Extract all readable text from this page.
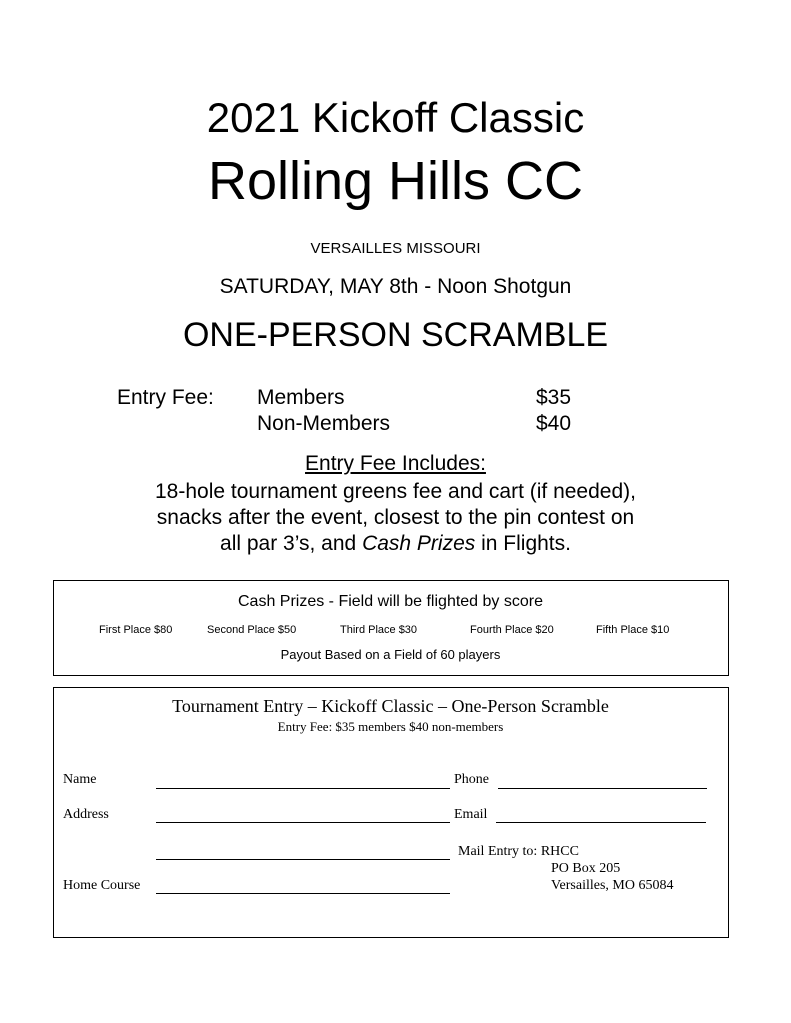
2021 Kickoff Classic
Rolling Hills CC
VERSAILLES MISSOURI
SATURDAY, MAY 8th - Noon Shotgun
ONE-PERSON SCRAMBLE
Entry Fee: Members	$35
Non-Members	$40
Entry Fee Includes:
18-hole tournament greens fee and cart (if needed),
snacks after the event, closest to the pin contest on
all par 3’s, and Cash Prizes in Flights.
Cash Prizes - Field will be flighted by score
First Place $80	Second Place $50	Third Place $30	Fourth Place $20	Fifth Place $10
Payout Based on a Field of 60 players
Tournament Entry – Kickoff Classic – One-Person Scramble
Entry Fee: $35 members $40 non-members
Name	Phone
Address	Email
Mail Entry to: RHCC
PO Box 205
Versailles, MO 65084
Home Course
